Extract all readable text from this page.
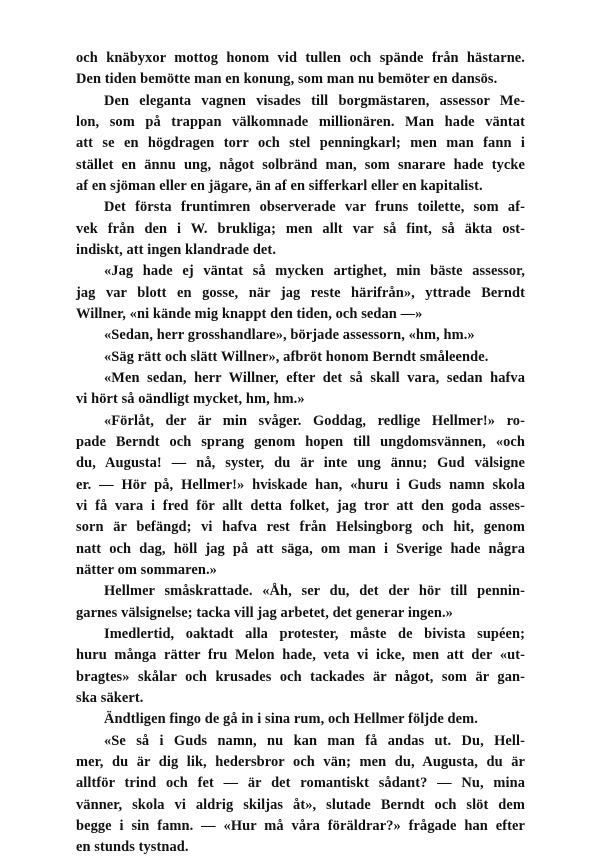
och knäbyxor mottog honom vid tullen och spände från hästarne.
Den tiden bemötte man en konung, som man nu bemöter en dansös.
Den eleganta vagnen visades till borgmästaren, assessor Me-
lon, som på trappan välkomnade millionären. Man hade väntat
att se en högdragen torr och stel penningkarl; men man fann i
stället en ännu ung, något solbränd man, som snarare hade tycke
af en sjöman eller en jägare, än af en sifferkarl eller en kapitalist.
Det första fruntimren observerade var fruns toilette, som af-
vek från den i W. brukliga; men allt var så fint, så äkta ost-
indiskt, att ingen klandrade det.
«Jag hade ej väntat så mycken artighet, min bäste assessor,
jag var blott en gosse, när jag reste härifrån», yttrade Berndt
Willner, «ni kände mig knappt den tiden, och sedan —»
«Sedan, herr grosshandlare», började assessorn, «hm, hm.»
«Säg rätt och slätt Willner», afbröt honom Berndt småleende.
«Men sedan, herr Willner, efter det så skall vara, sedan hafva
vi hört så oändligt mycket, hm, hm.»
«Förlåt, der är min svåger. Goddag, redlige Hellmer!» ro-
pade Berndt och sprang genom hopen till ungdomsvännen, «och
du, Augusta! — nå, syster, du är inte ung ännu; Gud välsigne
er. — Hör på, Hellmer!» hviskade han, «huru i Guds namn skola
vi få vara i fred för allt detta folket, jag tror att den goda asses-
sorn är befängd; vi hafva rest från Helsingborg och hit, genom
natt och dag, höll jag på att säga, om man i Sverige hade några
nätter om sommaren.»
Hellmer småskrattade. «Åh, ser du, det der hör till pennin-
garnes välsignelse; tacka vill jag arbetet, det generar ingen.»
Imedlertid, oaktadt alla protester, måste de bivista supéen;
huru många rätter fru Melon hade, veta vi icke, men att der «ut-
bragtes» skålar och krusades och tackades är något, som är gan-
ska säkert.
Ändtligen fingo de gå in i sina rum, och Hellmer följde dem.
«Se så i Guds namn, nu kan man få andas ut. Du, Hell-
mer, du är dig lik, hedersbror och vän; men du, Augusta, du är
alltför trind och fet — är det romantiskt sådant? — Nu, mina
vänner, skola vi aldrig skiljas åt», slutade Berndt och slöt dem
begge i sin famn. — «Hur må våra föräldrar?» frågade han efter
en stunds tystnad.
